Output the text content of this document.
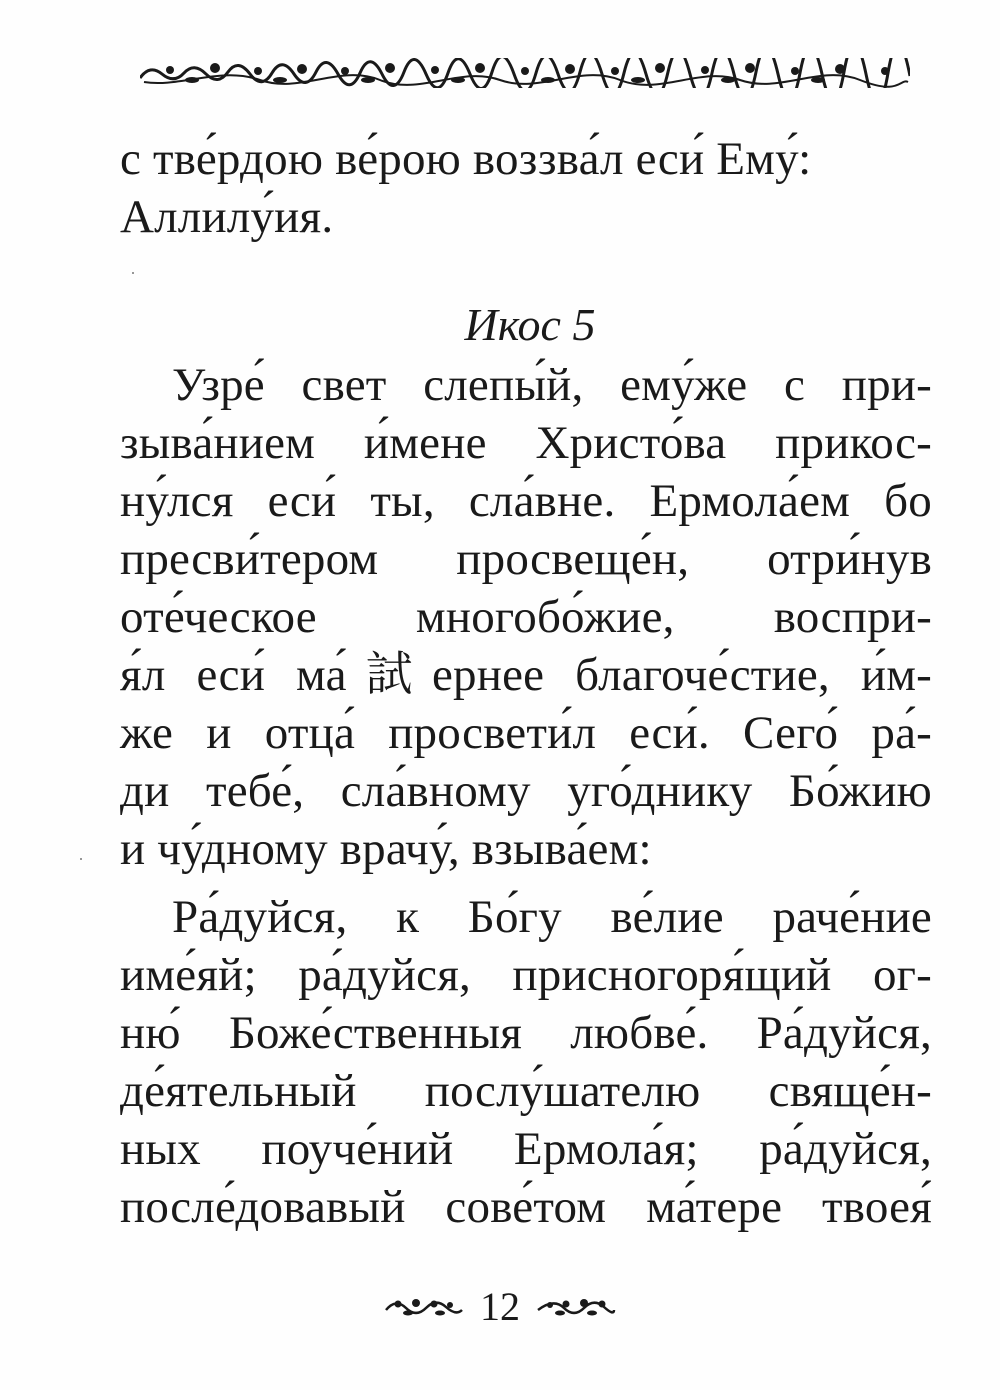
с тве́рдою ве́рою воззва́л еси́ Ему́:
Аллилу́ия.
Икос 5
Узре́ свет слепы́й, ему́же с при-
зыва́нием и́мене Христо́ва прикос-
ну́лся еси́ ты, сла́вне. Ермола́ем бо
пресви́тером просвеще́н, отри́нув
оте́ческое многобо́жие, воспри-
я́л еси́ ма́試ернее благоче́стие, и́м-
же и отца́ просвети́л еси́. Сего́ ра́-
ди тебе́, сла́вному уго́днику Бо́жию
и чу́дному врачу́, взыва́ем:
Ра́дуйся, к Бо́гу ве́лие раче́ние
име́яй; ра́дуйся, присногоря́щий ог-
ню́ Боже́ственныя любве́. Ра́дуйся,
де́ятельный послу́шателю свяще́н-
ных поуче́ний Ермола́я; ра́дуйся,
после́довавый сове́том ма́тере твоея́
12
